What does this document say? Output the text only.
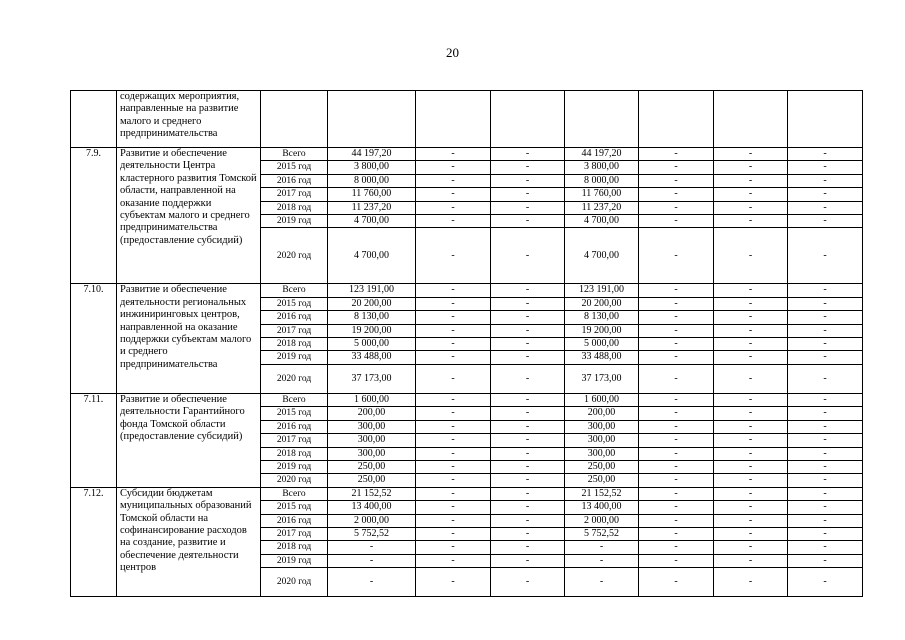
20
	содержащих мероприятия, направленные на развитие малого и среднего предпринимательства								
7.9.	Развитие и обеспечение деятельности Центра кластерного развития Томской области, направленной на оказание поддержки субъектам малого и среднего предпринимательства (предоставление субсидий)	Всего	44 197,20	-	-	44 197,20	-	-	-
		2015 год	3 800,00	-	-	3 800,00	-	-	-
		2016 год	8 000,00	-	-	8 000,00	-	-	-
		2017 год	11 760,00	-	-	11 760,00	-	-	-
		2018 год	11 237,20	-	-	11 237,20	-	-	-
		2019 год	4 700,00	-	-	4 700,00	-	-	-
		2020 год	4 700,00	-	-	4 700,00	-	-	-
7.10.	Развитие и обеспечение деятельности региональных инжиниринговых центров, направленной на оказание поддержки субъектам малого и среднего предпринимательства	Всего	123 191,00	-	-	123 191,00	-	-	-
		2015 год	20 200,00	-	-	20 200,00	-	-	-
		2016 год	8 130,00	-	-	8 130,00	-	-	-
		2017 год	19 200,00	-	-	19 200,00	-	-	-
		2018 год	5 000,00	-	-	5 000,00	-	-	-
		2019 год	33 488,00	-	-	33 488,00	-	-	-
		2020 год	37 173,00	-	-	37 173,00	-	-	-
7.11.	Развитие и обеспечение деятельности Гарантийного фонда Томской области (предоставление субсидий)	Всего	1 600,00	-	-	1 600,00	-	-	-
		2015 год	200,00	-	-	200,00	-	-	-
		2016 год	300,00	-	-	300,00	-	-	-
		2017 год	300,00	-	-	300,00	-	-	-
		2018 год	300,00	-	-	300,00	-	-	-
		2019 год	250,00	-	-	250,00	-	-	-
		2020 год	250,00	-	-	250,00	-	-	-
7.12.	Субсидии бюджетам муниципальных образований Томской области на софинансирование расходов на создание, развитие и обеспечение деятельности центров	Всего	21 152,52	-	-	21 152,52	-	-	-
		2015 год	13 400,00	-	-	13 400,00	-	-	-
		2016 год	2 000,00	-	-	2 000,00	-	-	-
		2017 год	5 752,52	-	-	5 752,52	-	-	-
		2018 год	-	-	-	-	-	-	-
		2019 год	-	-	-	-	-	-	-
		2020 год	-	-	-	-	-	-	-
